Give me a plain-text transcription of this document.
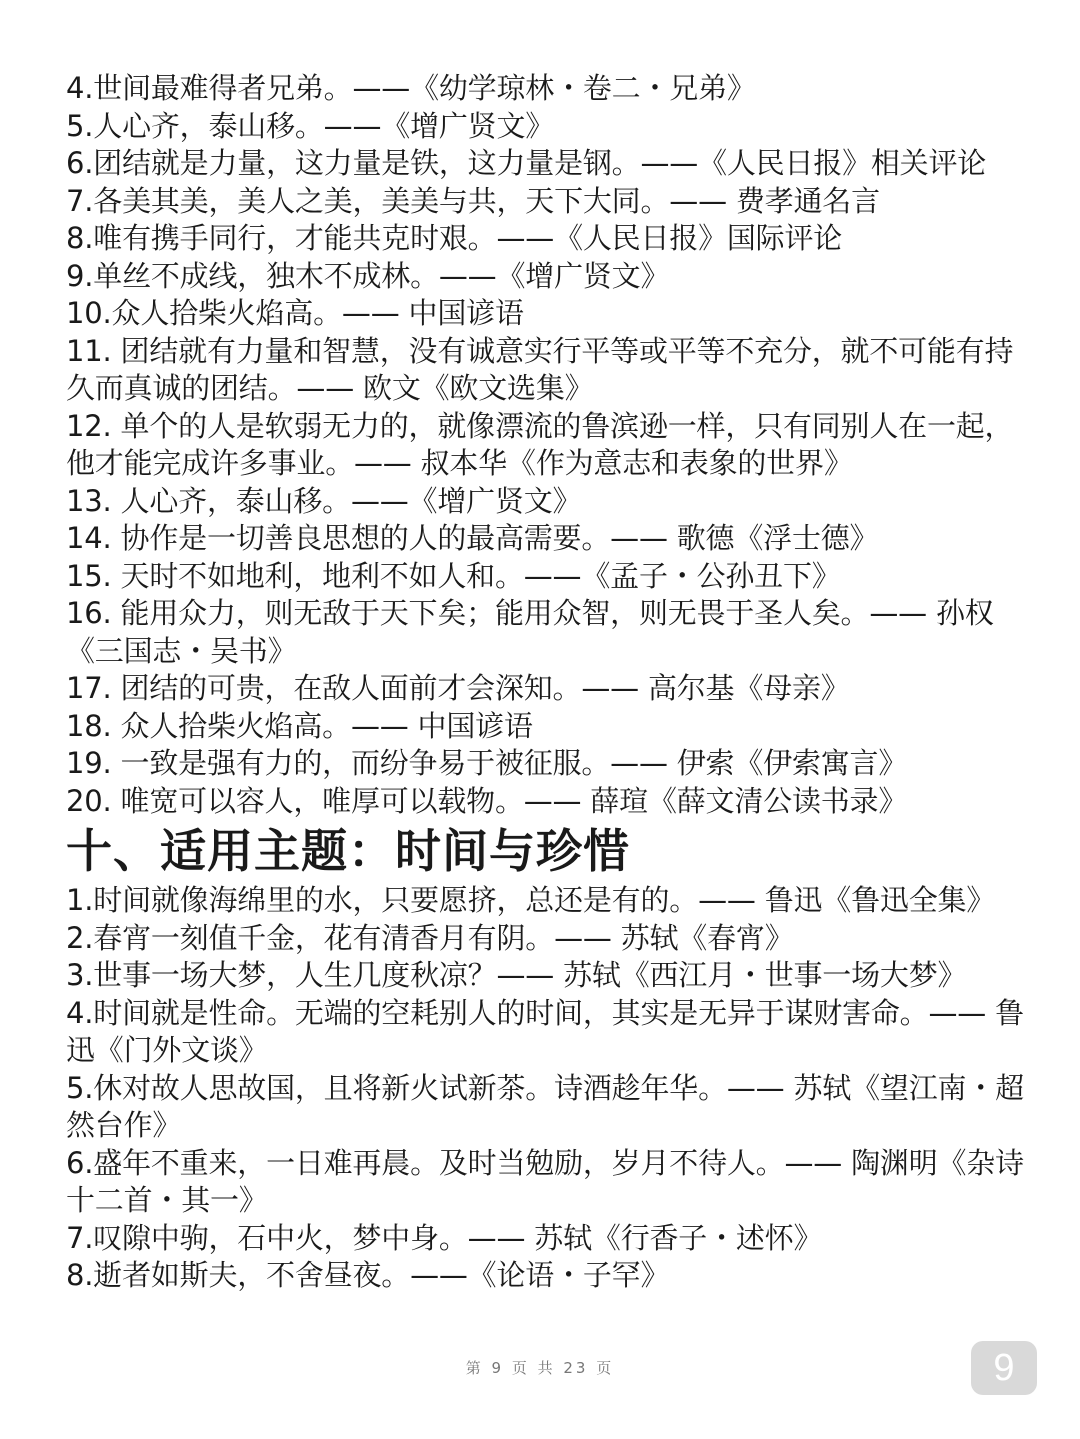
4.世间最难得者兄弟。——《幼学琼林・卷二・兄弟》
5.人心齐，泰山移。——《增广贤文》
6.团结就是力量，这力量是铁，这力量是钢。——《人民日报》相关评论
7.各美其美，美人之美，美美与共，天下大同。—— 费孝通名言
8.唯有携手同行，才能共克时艰。——《人民日报》国际评论
9.单丝不成线，独木不成林。——《增广贤文》
10.众人拾柴火焰高。—— 中国谚语
11. 团结就有力量和智慧，没有诚意实行平等或平等不充分，就不可能有持久而真诚的团结。—— 欧文《欧文选集》
12. 单个的人是软弱无力的，就像漂流的鲁滨逊一样，只有同别人在一起，他才能完成许多事业。—— 叔本华《作为意志和表象的世界》
13. 人心齐，泰山移。——《增广贤文》
14. 协作是一切善良思想的人的最高需要。—— 歌德《浮士德》
15. 天时不如地利，地利不如人和。——《孟子・公孙丑下》
16. 能用众力，则无敌于天下矣；能用众智，则无畏于圣人矣。—— 孙权《三国志・吴书》
17. 团结的可贵，在敌人面前才会深知。—— 高尔基《母亲》
18. 众人拾柴火焰高。—— 中国谚语
19. 一致是强有力的，而纷争易于被征服。—— 伊索《伊索寓言》
20. 唯宽可以容人，唯厚可以载物。—— 薛瑄《薛文清公读书录》
十、适用主题：时间与珍惜
1.时间就像海绵里的水，只要愿挤，总还是有的。—— 鲁迅《鲁迅全集》
2.春宵一刻值千金，花有清香月有阴。—— 苏轼《春宵》
3.世事一场大梦，人生几度秋凉？—— 苏轼《西江月・世事一场大梦》
4.时间就是性命。无端的空耗别人的时间，其实是无异于谋财害命。—— 鲁迅《门外文谈》
5.休对故人思故国，且将新火试新茶。诗酒趁年华。—— 苏轼《望江南・超然台作》
6.盛年不重来，一日难再晨。及时当勉励，岁月不待人。—— 陶渊明《杂诗十二首・其一》
7.叹隙中驹，石中火，梦中身。—— 苏轼《行香子・述怀》
8.逝者如斯夫，不舍昼夜。——《论语・子罕》
第 9 页 共 23 页	9
